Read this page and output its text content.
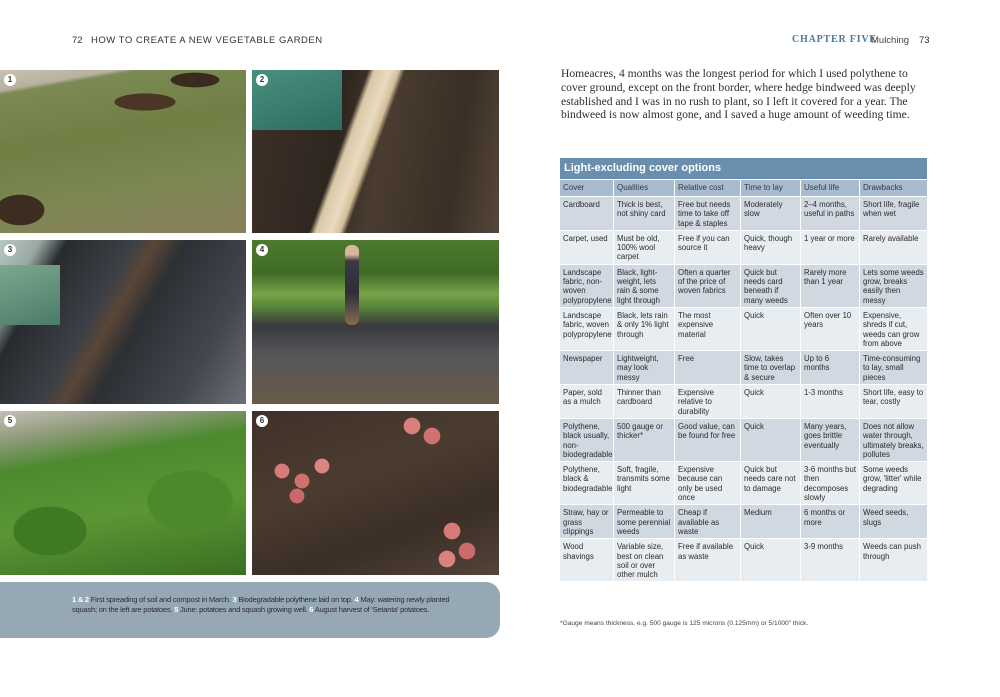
72 HOW TO CREATE A NEW VEGETABLE GARDEN	CHAPTER FIVE
Mulching 73
1	2
3	4
5	6
1 & 2 First spreading of soil and compost in March. 3 Biodegradable polythene laid on top. 4 May: watering newly planted squash; on the left are potatoes. 5 June: potatoes and squash growing well. 6 August harvest of 'Setanta' potatoes.
Homeacres, 4 months was the longest period for which I used polythene to cover ground, except on the front border, where hedge bindweed was deeply established and I was in no rush to plant, so I left it covered for a year. The bindweed is now almost gone, and I saved a huge amount of weeding time.
Light-excluding cover options
Cover	Qualities	Relative cost	Time to lay	Useful life	Drawbacks
Cardboard	Thick is best, not shiny card	Free but needs time to take off tape & staples	Moderately slow	2–4 months, useful in paths	Short life, fragile when wet
Carpet, used	Must be old, 100% wool carpet	Free if you can source it	Quick, though heavy	1 year or more	Rarely available
Landscape fabric, non-woven polypropylene	Black, light-weight, lets rain & some light through	Often a quarter of the price of woven fabrics	Quick but needs card beneath if many weeds	Rarely more than 1 year	Lets some weeds grow, breaks easily then messy
Landscape fabric, woven polypropylene	Black, lets rain & only 1% light through	The most expensive material	Quick	Often over 10 years	Expensive, shreds if cut, weeds can grow from above
Newspaper	Lightweight, may look messy	Free	Slow, takes time to overlap & secure	Up to 6 months	Time-consuming to lay, small pieces
Paper, sold as a mulch	Thinner than cardboard	Expensive relative to durability	Quick	1-3 months	Short life, easy to tear, costly
Polythene, black usually, non-biodegradable	500 gauge or thicker*	Good value, can be found for free	Quick	Many years, goes brittle eventually	Does not allow water through, ultimately breaks, pollutes
Polythene, black & biodegradable	Soft, fragile, transmits some light	Expensive because can only be used once	Quick but needs care not to damage	3-6 months but then decomposes slowly	Some weeds grow, 'litter' while degrading
Straw, hay or grass clippings	Permeable to some perennial weeds	Cheap if available as waste	Medium	6 months or more	Weed seeds, slugs
Wood shavings	Variable size, best on clean soil or over other mulch	Free if available as waste	Quick	3-9 months	Weeds can push through
*Gauge means thickness, e.g. 500 gauge is 125 microns (0.125mm) or 5/1000" thick.
